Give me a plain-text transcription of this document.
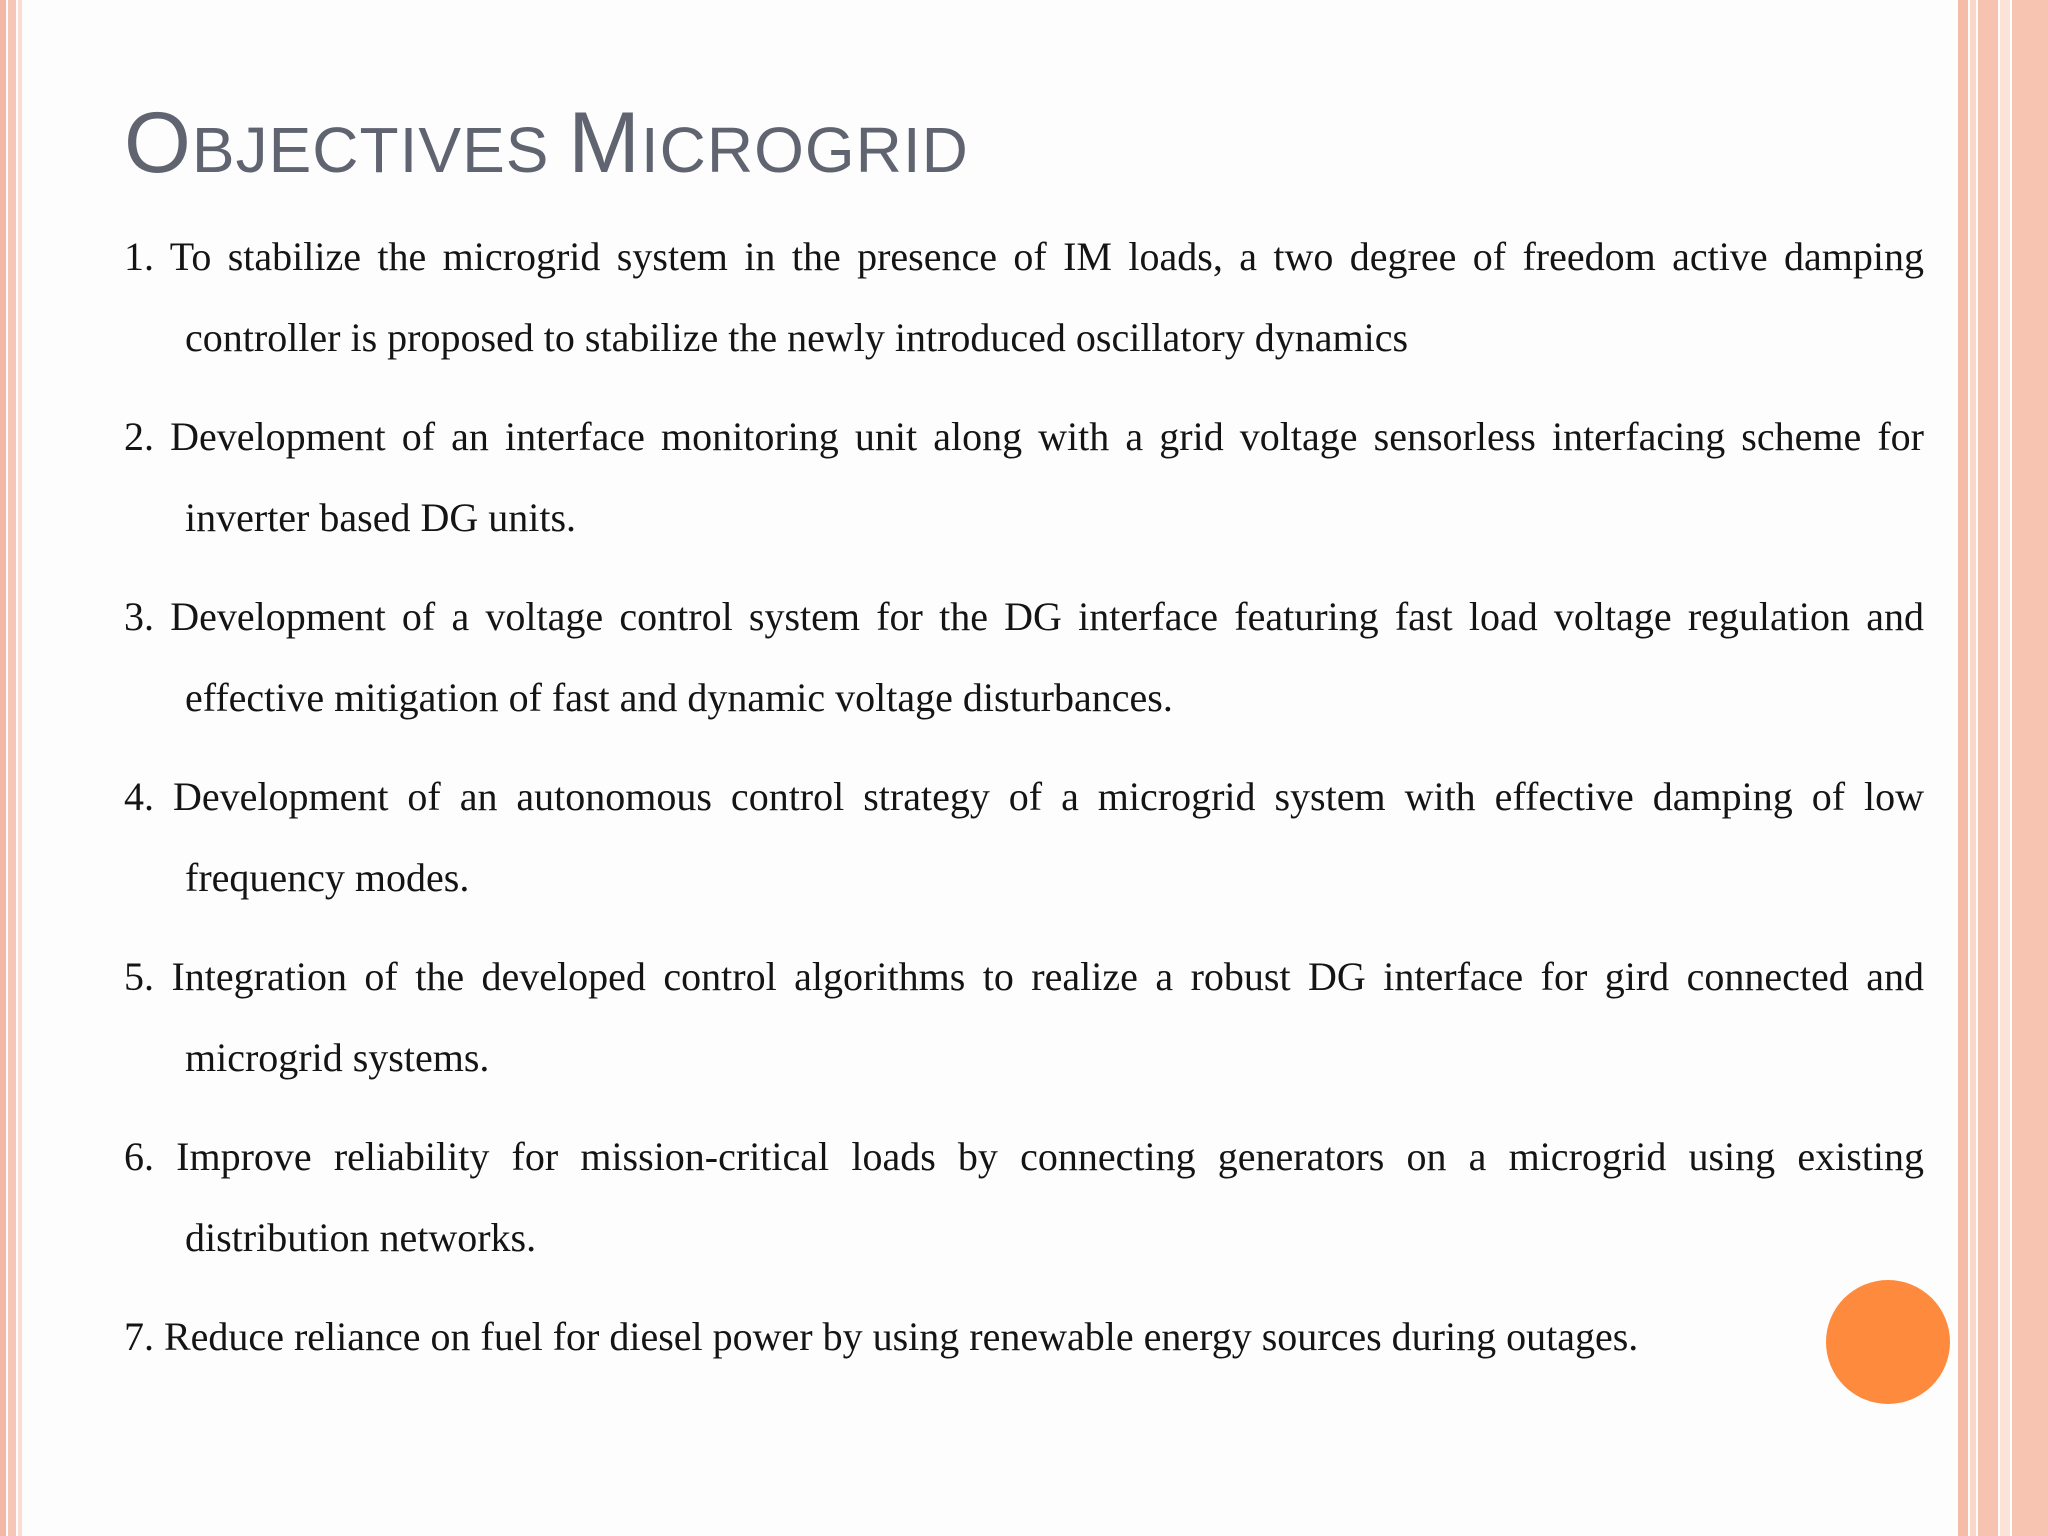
OBJECTIVES MICROGRID
1. To stabilize the microgrid system in the presence of IM loads, a two degree of freedom active damping controller is proposed to stabilize the newly introduced oscillatory dynamics
2. Development of an interface monitoring unit along with a grid voltage sensorless interfacing scheme for inverter based DG units.
3. Development of a voltage control system for the DG interface featuring fast load voltage regulation and effective mitigation of fast and dynamic voltage disturbances.
4. Development of an autonomous control strategy of a microgrid system with effective damping of low frequency modes.
5. Integration of the developed control algorithms to realize a robust DG interface for gird connected and microgrid systems.
6. Improve reliability for mission-critical loads by connecting generators on a microgrid using existing distribution networks.
7. Reduce reliance on fuel for diesel power by using renewable energy sources during outages.
